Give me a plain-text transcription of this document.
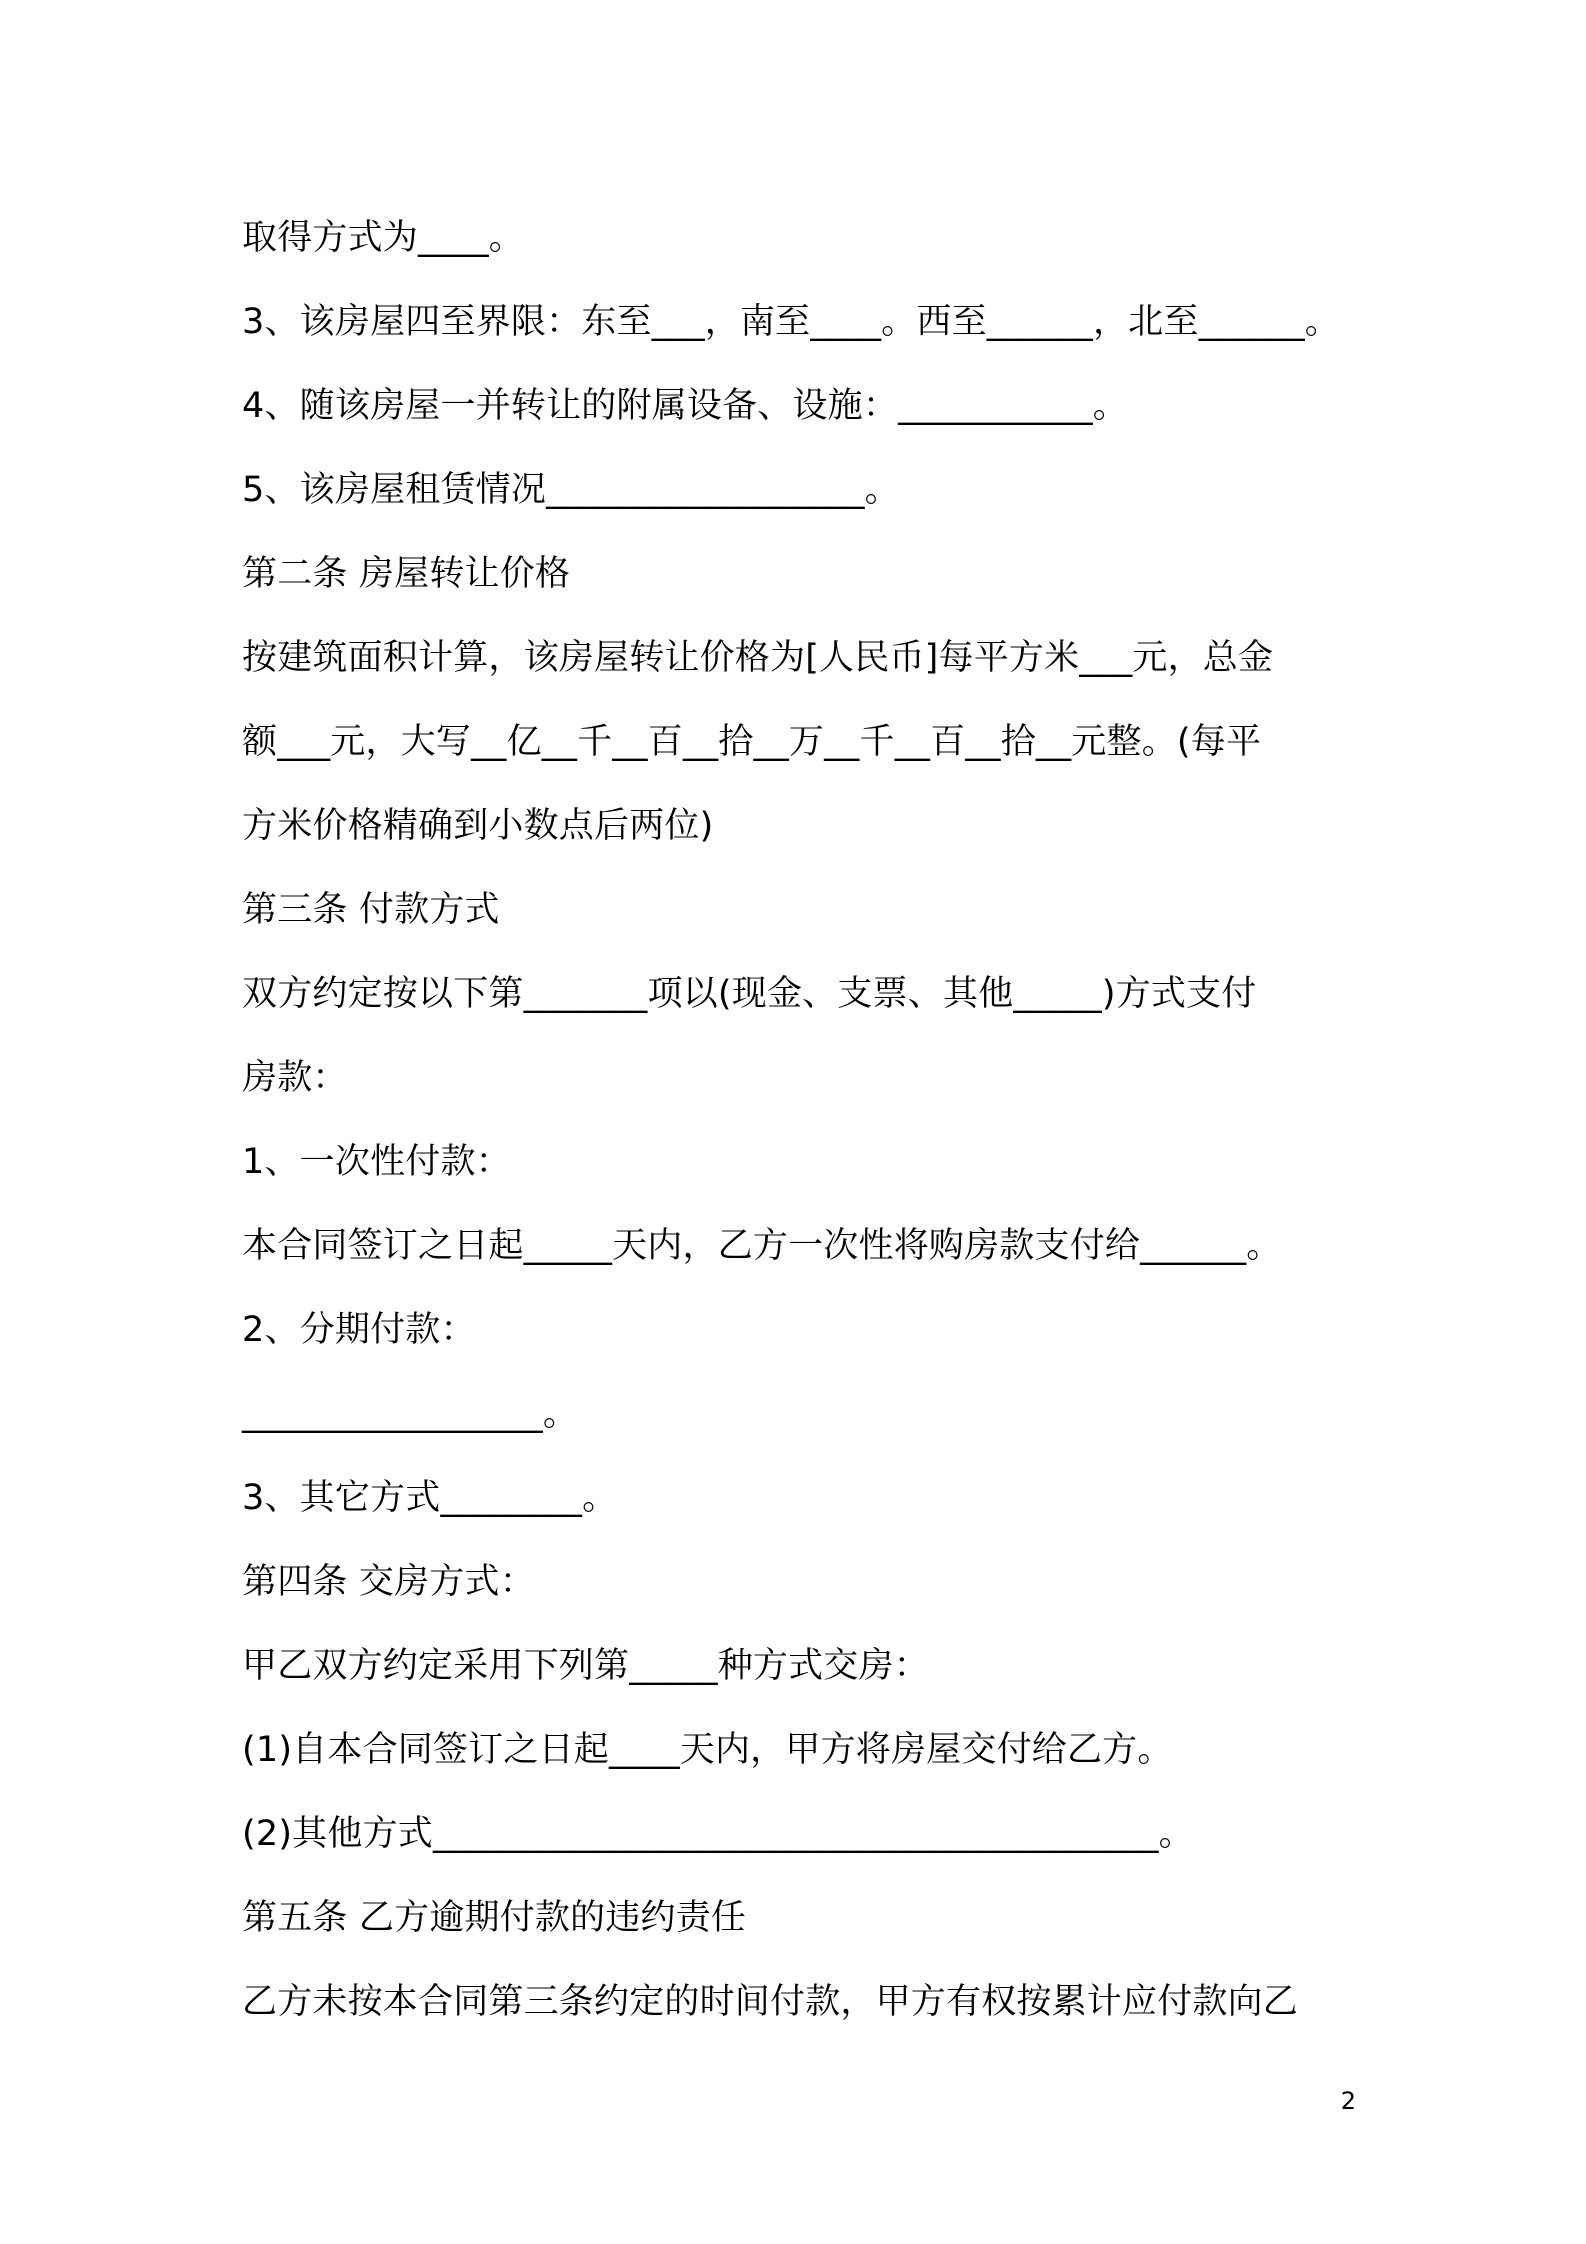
取得方式为____。
3、该房屋四至界限：东至___，南至____。西至______，北至______。
4、随该房屋一并转让的附属设备、设施：___________。
5、该房屋租赁情况__________________。
第二条 房屋转让价格
按建筑面积计算，该房屋转让价格为[人民币]每平方米___元，总金
额___元，大写__亿__千__百__拾__万__千__百__拾__元整。(每平
方米价格精确到小数点后两位)
第三条 付款方式
双方约定按以下第_______项以(现金、支票、其他_____)方式支付
房款：
1、一次性付款：
本合同签订之日起_____天内，乙方一次性将购房款支付给______。
2、分期付款：
_________________。
3、其它方式________。
第四条 交房方式：
甲乙双方约定采用下列第_____种方式交房：
(1)自本合同签订之日起____天内，甲方将房屋交付给乙方。
(2)其他方式_________________________________________。
第五条 乙方逾期付款的违约责任
乙方未按本合同第三条约定的时间付款，甲方有权按累计应付款向乙
2
